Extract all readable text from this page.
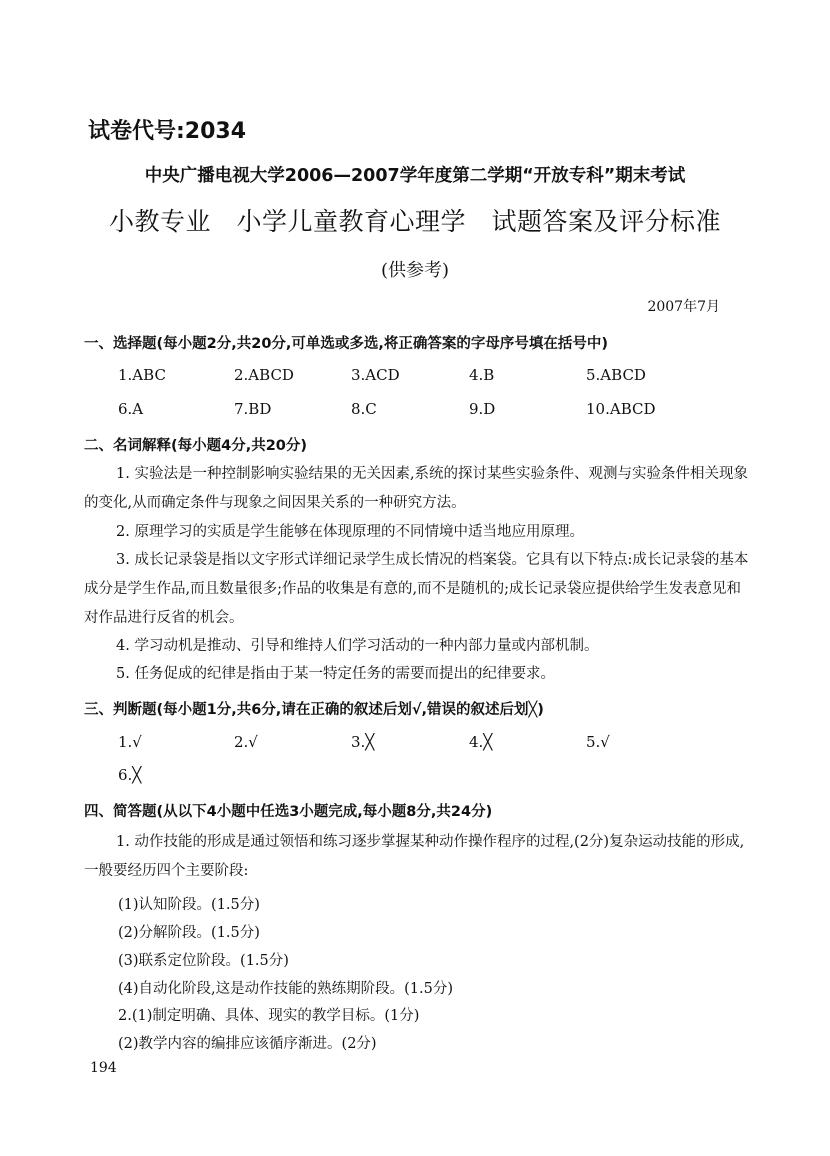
试卷代号:2034
中央广播电视大学2006—2007学年度第二学期“开放专科”期末考试
小教专业　小学儿童教育心理学　试题答案及评分标准
(供参考)
2007年7月
一、选择题(每小题2分,共20分,可单选或多选,将正确答案的字母序号填在括号中)
1.ABC	2.ABCD	3.ACD	4.B	5.ABCD
6.A	7.BD	8.C	9.D	10.ABCD
二、名词解释(每小题4分,共20分)
1. 实验法是一种控制影响实验结果的无关因素,系统的探讨某些实验条件、观测与实验条件相关现象的变化,从而确定条件与现象之间因果关系的一种研究方法。
2. 原理学习的实质是学生能够在体现原理的不同情境中适当地应用原理。
3. 成长记录袋是指以文字形式详细记录学生成长情况的档案袋。它具有以下特点:成长记录袋的基本成分是学生作品,而且数量很多;作品的收集是有意的,而不是随机的;成长记录袋应提供给学生发表意见和对作品进行反省的机会。
4. 学习动机是推动、引导和维持人们学习活动的一种内部力量或内部机制。
5. 任务促成的纪律是指由于某一特定任务的需要而提出的纪律要求。
三、判断题(每小题1分,共6分,请在正确的叙述后划√,错误的叙述后划╳)
1.√	2.√	3.╳	4.╳	5.√
6.╳
四、简答题(从以下4小题中任选3小题完成,每小题8分,共24分)
1. 动作技能的形成是通过领悟和练习逐步掌握某种动作操作程序的过程,(2分)复杂运动技能的形成,一般要经历四个主要阶段:
(1)认知阶段。(1.5分)
(2)分解阶段。(1.5分)
(3)联系定位阶段。(1.5分)
(4)自动化阶段,这是动作技能的熟练期阶段。(1.5分)
2.(1)制定明确、具体、现实的教学目标。(1分)
(2)教学内容的编排应该循序渐进。(2分)
194
